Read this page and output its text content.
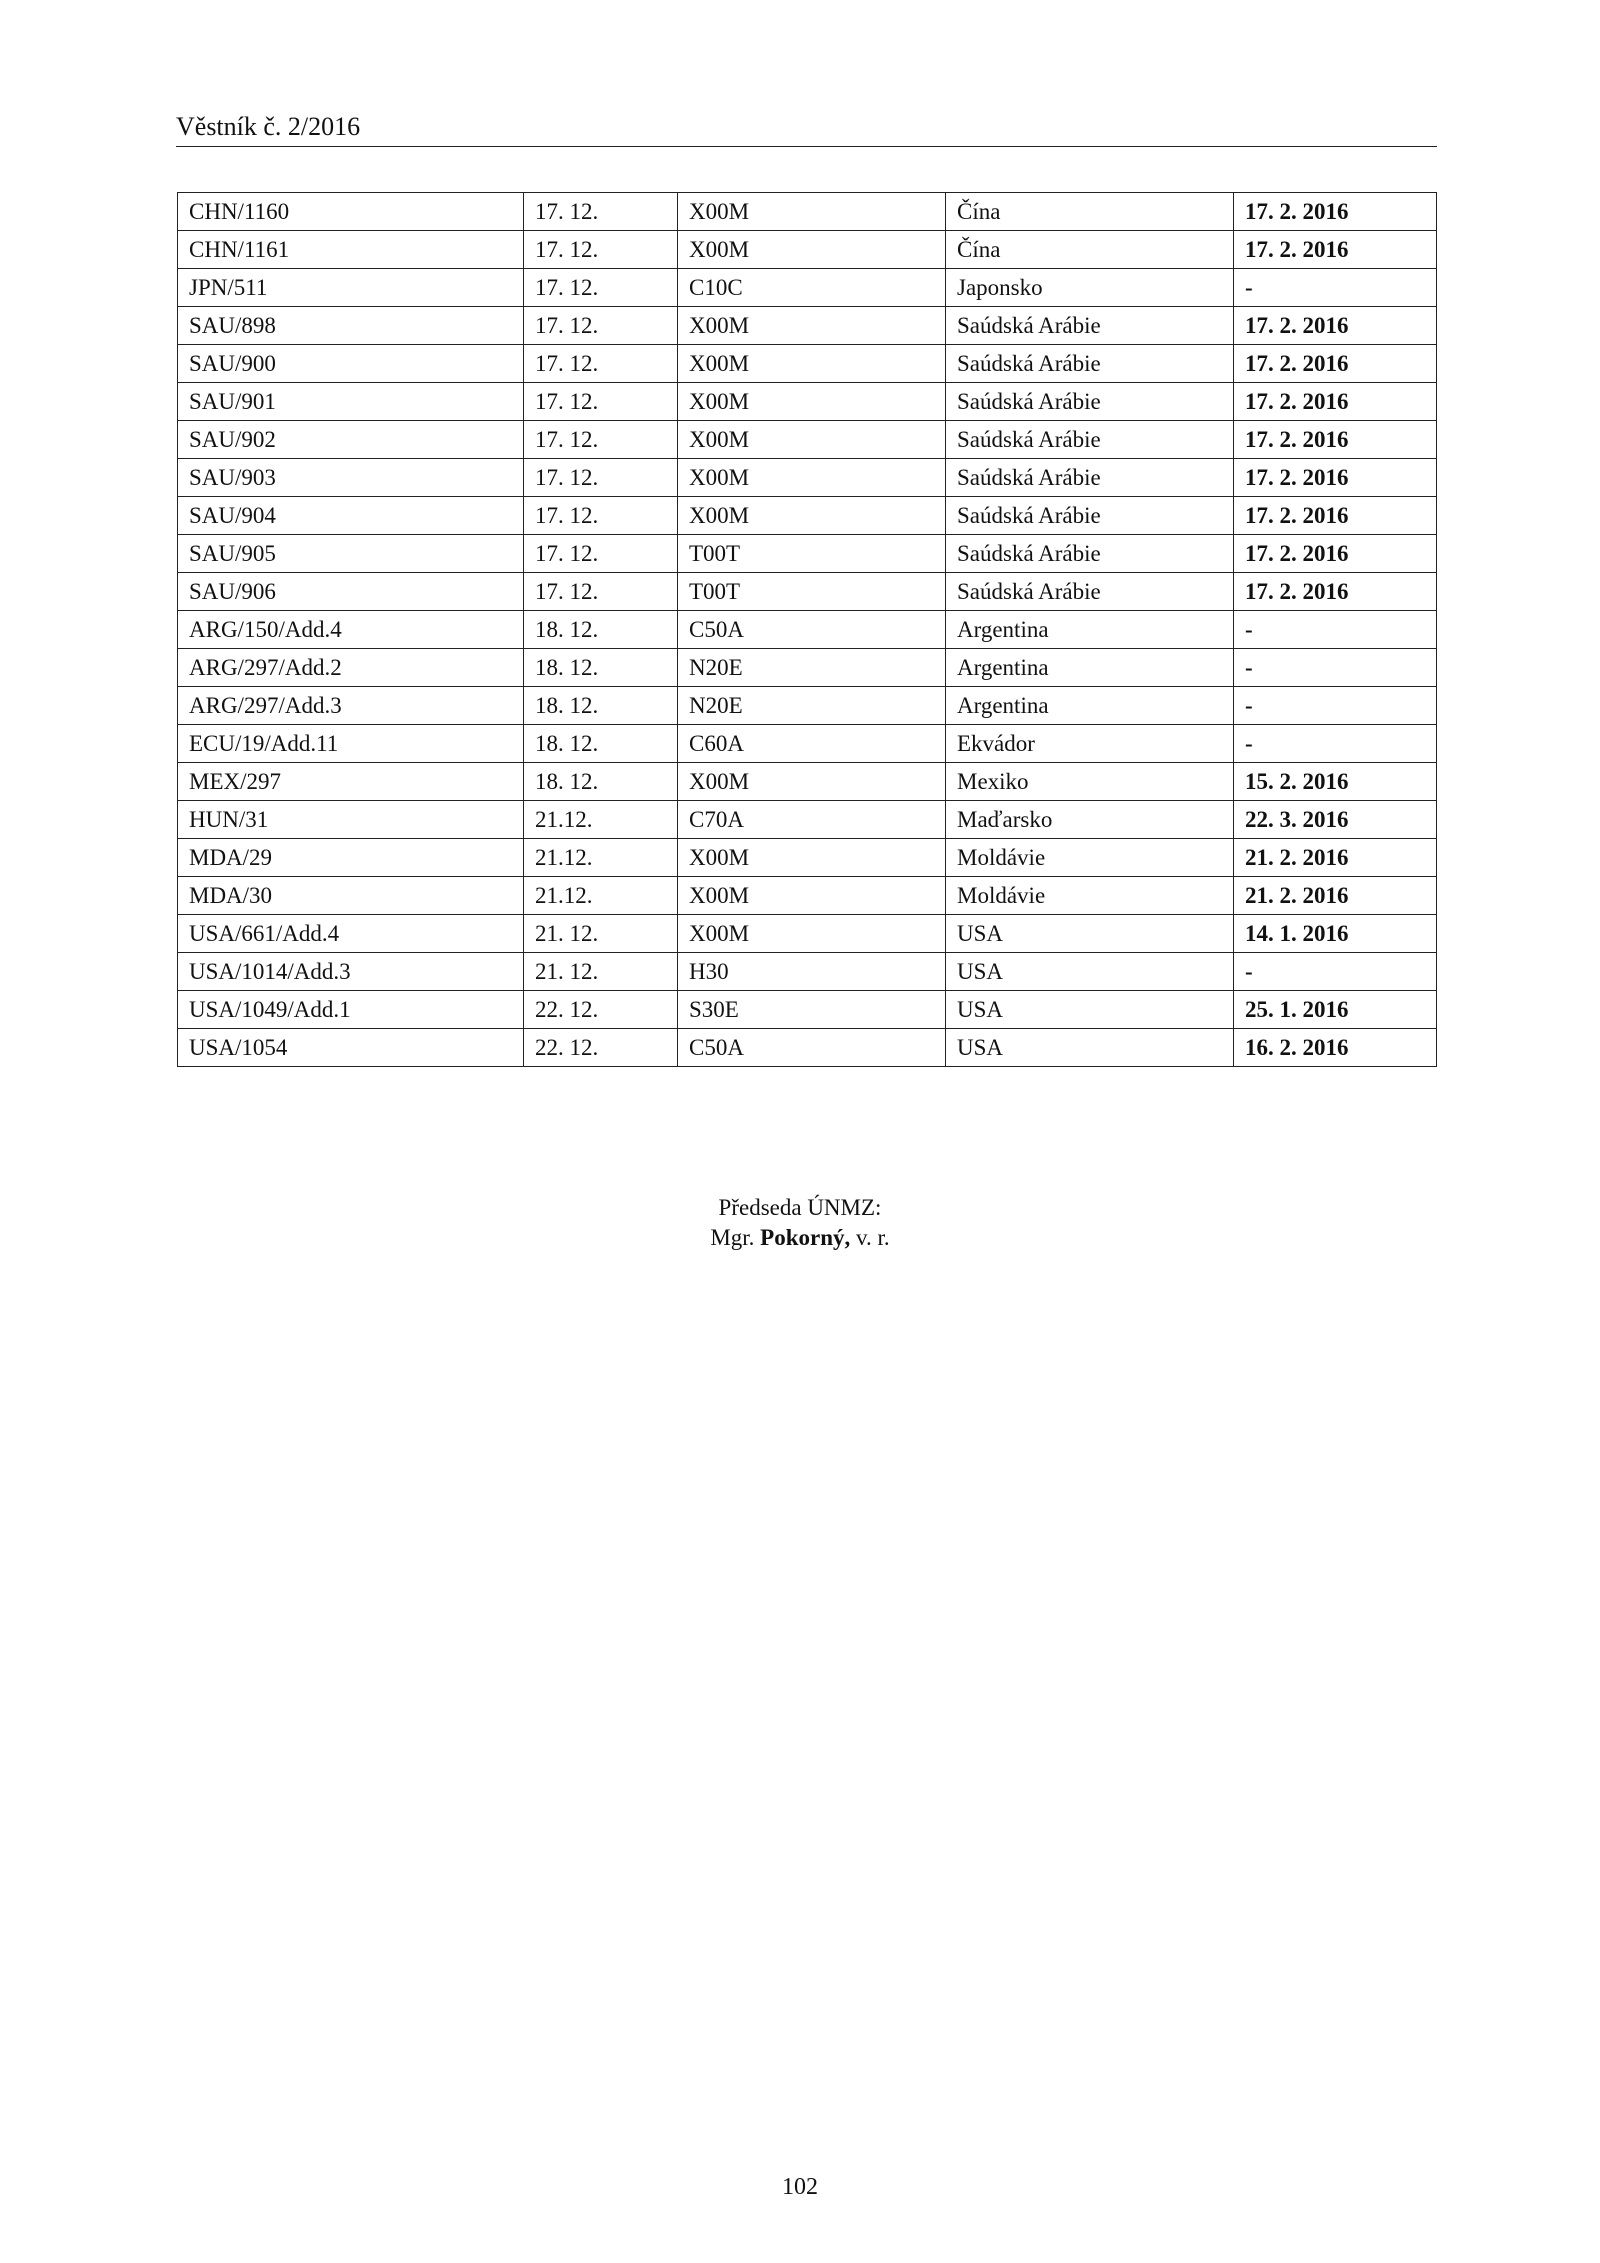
Věstník č. 2/2016
CHN/1160	17. 12.	X00M	Čína	17. 2. 2016
CHN/1161	17. 12.	X00M	Čína	17. 2. 2016
JPN/511	17. 12.	C10C	Japonsko	-
SAU/898	17. 12.	X00M	Saúdská Arábie	17. 2. 2016
SAU/900	17. 12.	X00M	Saúdská Arábie	17. 2. 2016
SAU/901	17. 12.	X00M	Saúdská Arábie	17. 2. 2016
SAU/902	17. 12.	X00M	Saúdská Arábie	17. 2. 2016
SAU/903	17. 12.	X00M	Saúdská Arábie	17. 2. 2016
SAU/904	17. 12.	X00M	Saúdská Arábie	17. 2. 2016
SAU/905	17. 12.	T00T	Saúdská Arábie	17. 2. 2016
SAU/906	17. 12.	T00T	Saúdská Arábie	17. 2. 2016
ARG/150/Add.4	18. 12.	C50A	Argentina	-
ARG/297/Add.2	18. 12.	N20E	Argentina	-
ARG/297/Add.3	18. 12.	N20E	Argentina	-
ECU/19/Add.11	18. 12.	C60A	Ekvádor	-
MEX/297	18. 12.	X00M	Mexiko	15. 2. 2016
HUN/31	21.12.	C70A	Maďarsko	22. 3. 2016
MDA/29	21.12.	X00M	Moldávie	21. 2. 2016
MDA/30	21.12.	X00M	Moldávie	21. 2. 2016
USA/661/Add.4	21. 12.	X00M	USA	14. 1. 2016
USA/1014/Add.3	21. 12.	H30	USA	-
USA/1049/Add.1	22. 12.	S30E	USA	25. 1. 2016
USA/1054	22. 12.	C50A	USA	16. 2. 2016
Předseda ÚNMZ:
Mgr. Pokorný, v. r.
102
